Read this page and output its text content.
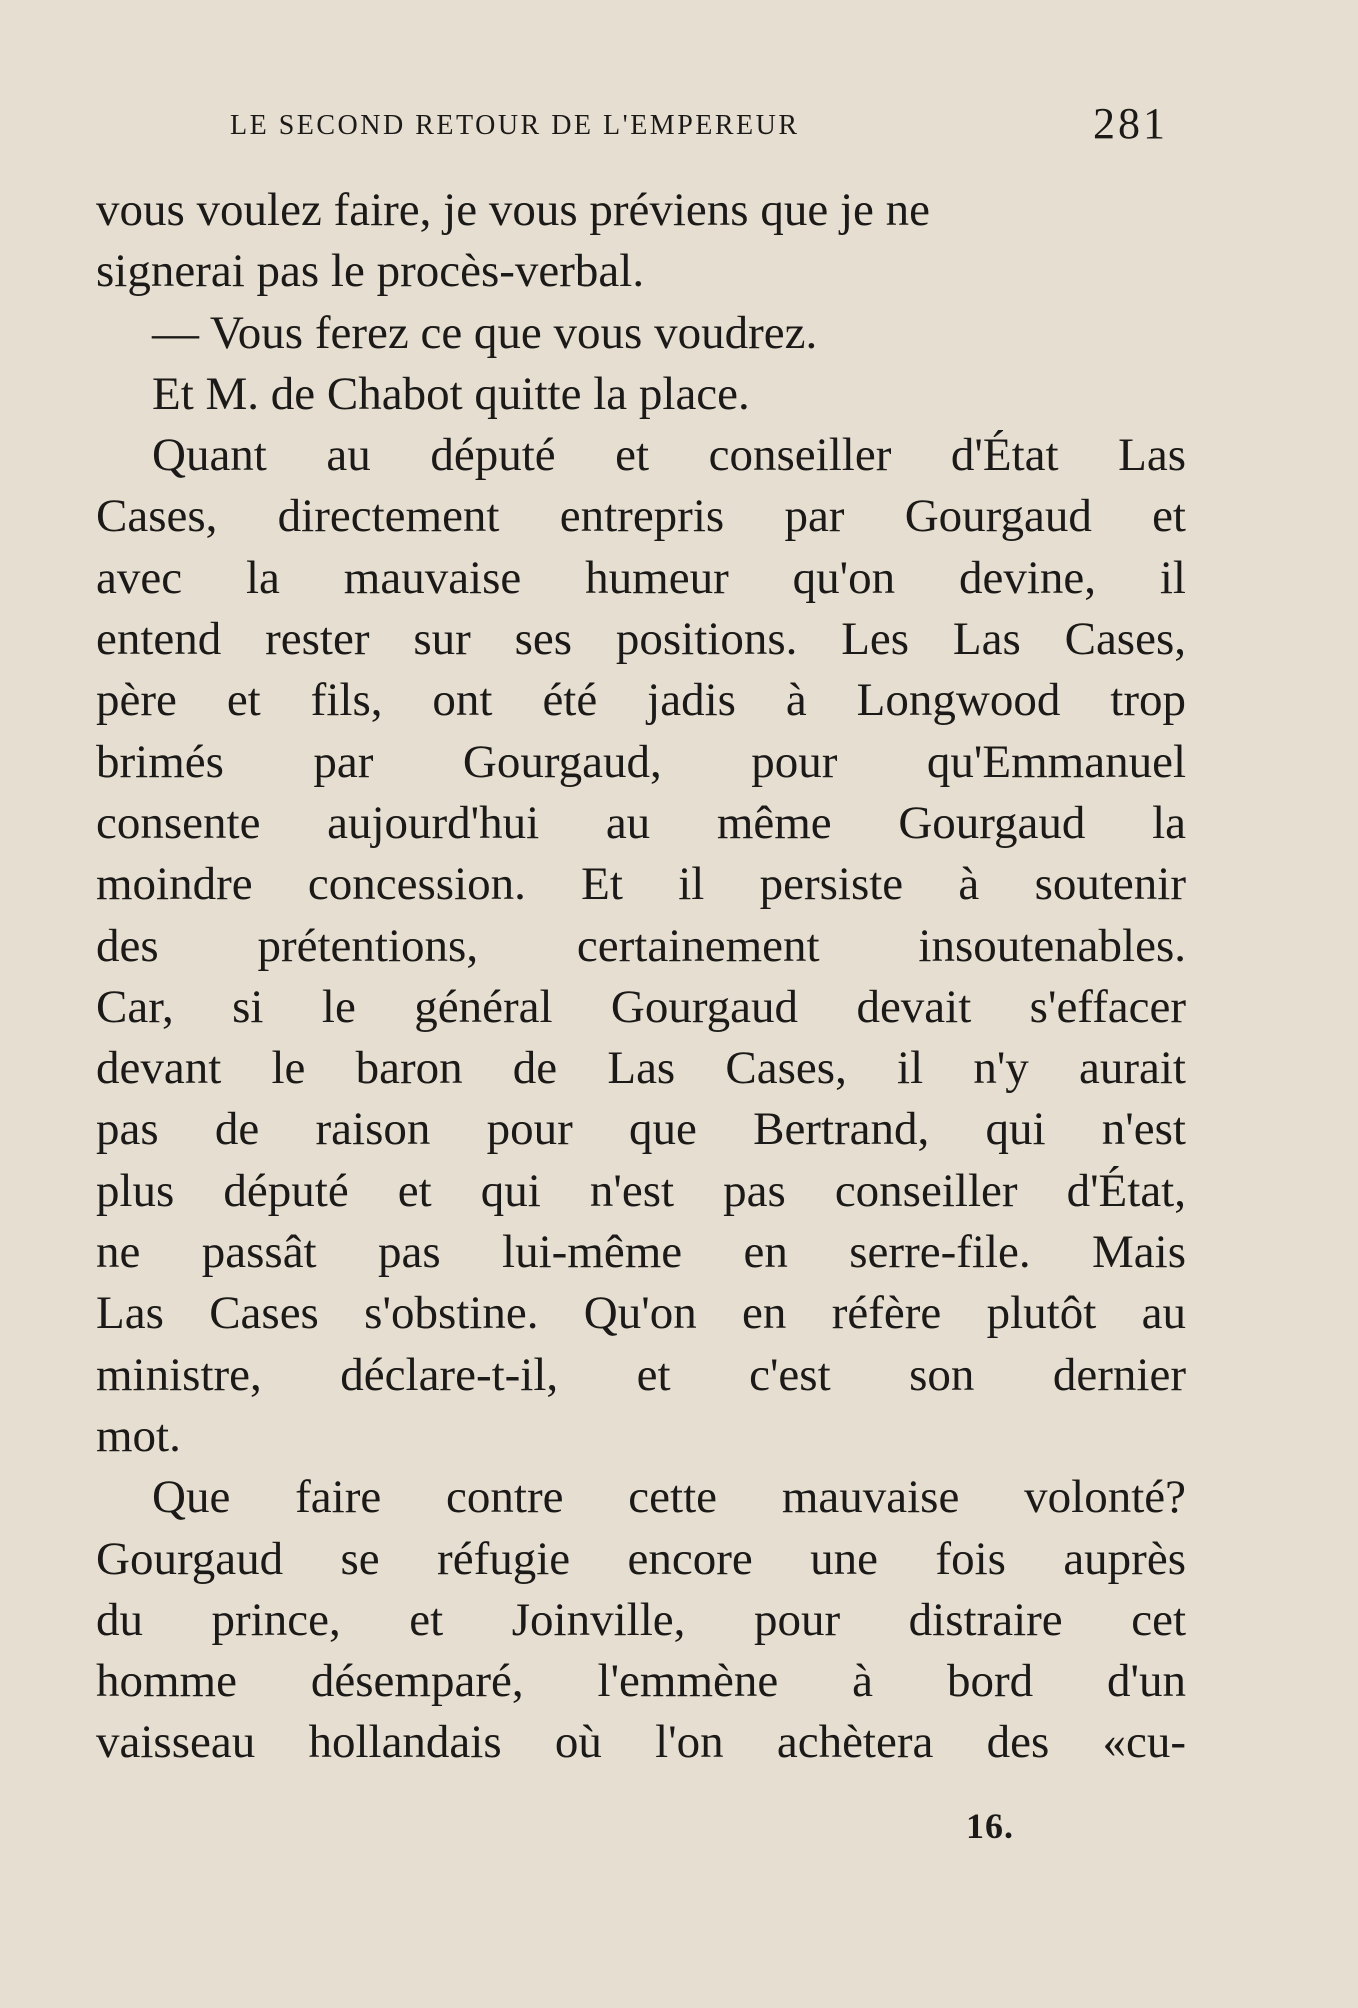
LE SECOND RETOUR DE L'EMPEREUR	281
vous voulez faire, je vous préviens que je ne
signerai pas le procès-verbal.
— Vous ferez ce que vous voudrez.
Et M. de Chabot quitte la place.
Quant au député et conseiller d'État Las
Cases, directement entrepris par Gourgaud et
avec la mauvaise humeur qu'on devine, il
entend rester sur ses positions. Les Las Cases,
père et fils, ont été jadis à Longwood trop
brimés par Gourgaud, pour qu'Emmanuel
consente aujourd'hui au même Gourgaud la
moindre concession. Et il persiste à soutenir
des prétentions, certainement insoutenables.
Car, si le général Gourgaud devait s'effacer
devant le baron de Las Cases, il n'y aurait
pas de raison pour que Bertrand, qui n'est
plus député et qui n'est pas conseiller d'État,
ne passât pas lui-même en serre-file. Mais
Las Cases s'obstine. Qu'on en réfère plutôt au
ministre, déclare-t-il, et c'est son dernier
mot.
Que faire contre cette mauvaise volonté?
Gourgaud se réfugie encore une fois auprès
du prince, et Joinville, pour distraire cet
homme désemparé, l'emmène à bord d'un
vaisseau hollandais où l'on achètera des «cu-
16.
